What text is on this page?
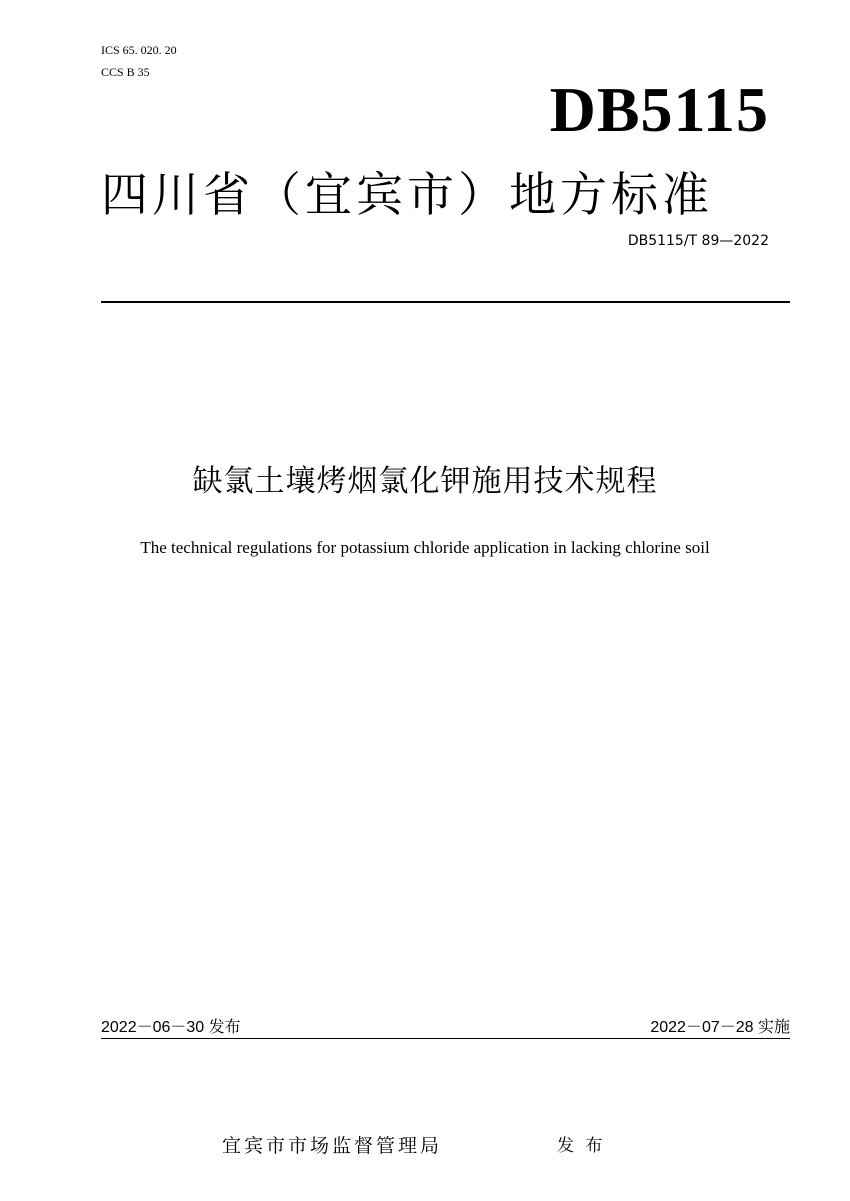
ICS 65. 020. 20
CCS B 35
DB5115
四川省（宜宾市）地方标准
DB5115/T 89—2022
缺氯土壤烤烟氯化钾施用技术规程
The technical regulations for potassium chloride application in lacking chlorine soil
2022－06－30 发布	2022－07－28 实施
宜宾市市场监督管理局	发 布
